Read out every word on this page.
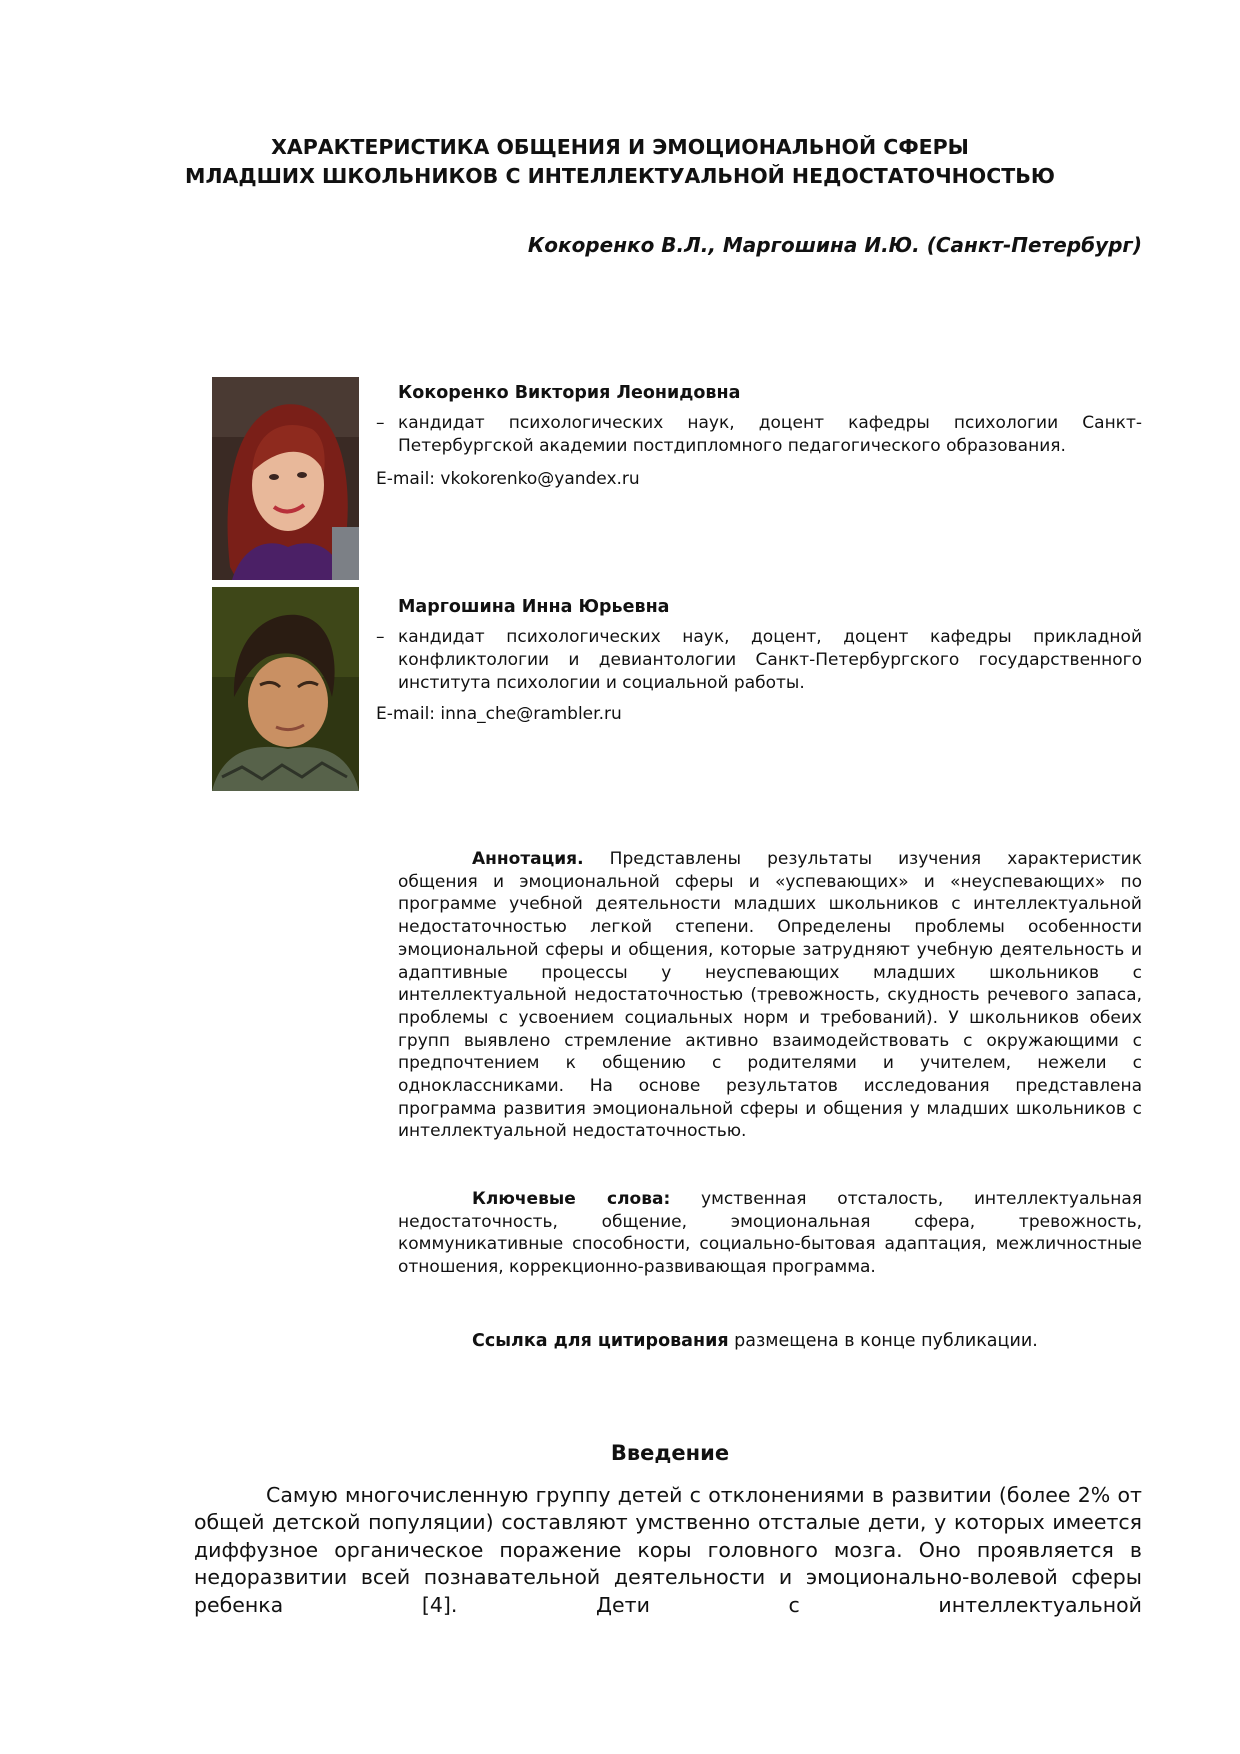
ХАРАКТЕРИСТИКА ОБЩЕНИЯ И ЭМОЦИОНАЛЬНОЙ СФЕРЫ
МЛАДШИХ ШКОЛЬНИКОВ С ИНТЕЛЛЕКТУАЛЬНОЙ НЕДОСТАТОЧНОСТЬЮ
Кокоренко В.Л., Маргошина И.Ю. (Санкт-Петербург)
Кокоренко Виктория Леонидовна
– кандидат психологических наук, доцент кафедры психологии Санкт-Петербургской академии постдипломного педагогического образования.
E-mail: vkokorenko@yandex.ru
Маргошина Инна Юрьевна
– кандидат психологических наук, доцент, доцент кафедры прикладной конфликтологии и девиантологии Санкт-Петербургского государственного института психологии и социальной работы.
E-mail: inna_che@rambler.ru

Аннотация. Представлены результаты изучения характеристик общения и эмоциональной сферы и «успевающих» и «неуспевающих» по программе учебной деятельности младших школьников с интеллектуальной недостаточностью легкой степени. Определены проблемы особенности эмоциональной сферы и общения, которые затрудняют учебную деятельность и адаптивные процессы у неуспевающих младших школьников с интеллектуальной недостаточностью (тревожность, скудность речевого запаса, проблемы с усвоением социальных норм и требований). У школьников обеих групп выявлено стремление активно взаимодействовать с окружающими с предпочтением к общению с родителями и учителем, нежели с одноклассниками. На основе результатов исследования представлена программа развития эмоциональной сферы и общения у младших школьников с интеллектуальной недостаточностью.

Ключевые слова: умственная отсталость, интеллектуальная недостаточность, общение, эмоциональная сфера, тревожность, коммуникативные способности, социально-бытовая адаптация, межличностные отношения, коррекционно-развивающая программа.

Ссылка для цитирования размещена в конце публикации.
Введение

Самую многочисленную группу детей с отклонениями в развитии (более 2% от общей детской популяции) составляют умственно отсталые дети, у которых имеется диффузное органическое поражение коры головного мозга. Оно проявляется в недоразвитии всей познавательной деятельности и эмоционально-волевой сферы ребенка [4]. Дети с интеллектуальной
